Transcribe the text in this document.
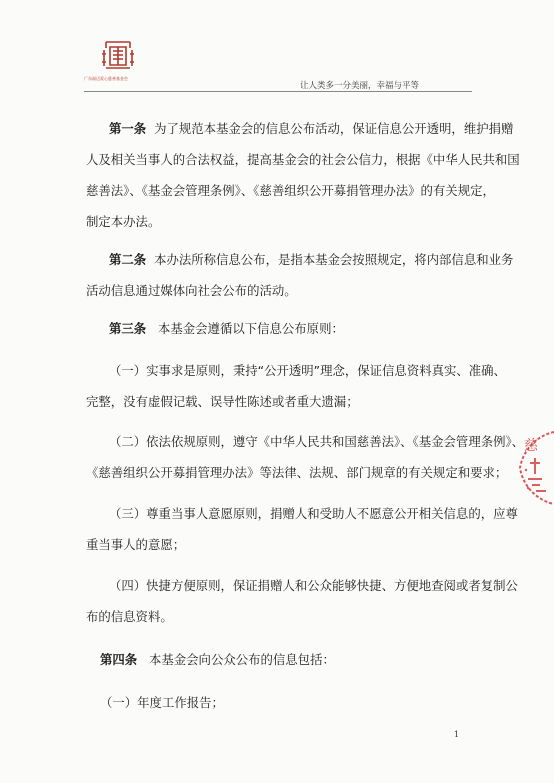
广东福迈爱心慈善基金会
让人类多一分美丽，幸福与平等
第一条 为了规范本基金会的信息公布活动，保证信息公开透明，维护捐赠
人及相关当事人的合法权益，提高基金会的社会公信力，根据《中华人民共和国
慈善法》、《基金会管理条例》、《慈善组织公开募捐管理办法》的有关规定，
制定本办法。
第二条 本办法所称信息公布，是指本基金会按照规定，将内部信息和业务
活动信息通过媒体向社会公布的活动。
第三条 本基金会遵循以下信息公布原则：
（一）实事求是原则，秉持“公开透明”理念，保证信息资料真实、准确、
完整，没有虚假记载、误导性陈述或者重大遗漏；
（二）依法依规原则，遵守《中华人民共和国慈善法》、《基金会管理条例》、
《慈善组织公开募捐管理办法》等法律、法规、部门规章的有关规定和要求；
（三）尊重当事人意愿原则，捐赠人和受助人不愿意公开相关信息的，应尊
重当事人的意愿；
（四）快捷方便原则，保证捐赠人和公众能够快捷、方便地查阅或者复制公
布的信息资料。
第四条 本基金会向公众公布的信息包括：
（一）年度工作报告；
慈
1
